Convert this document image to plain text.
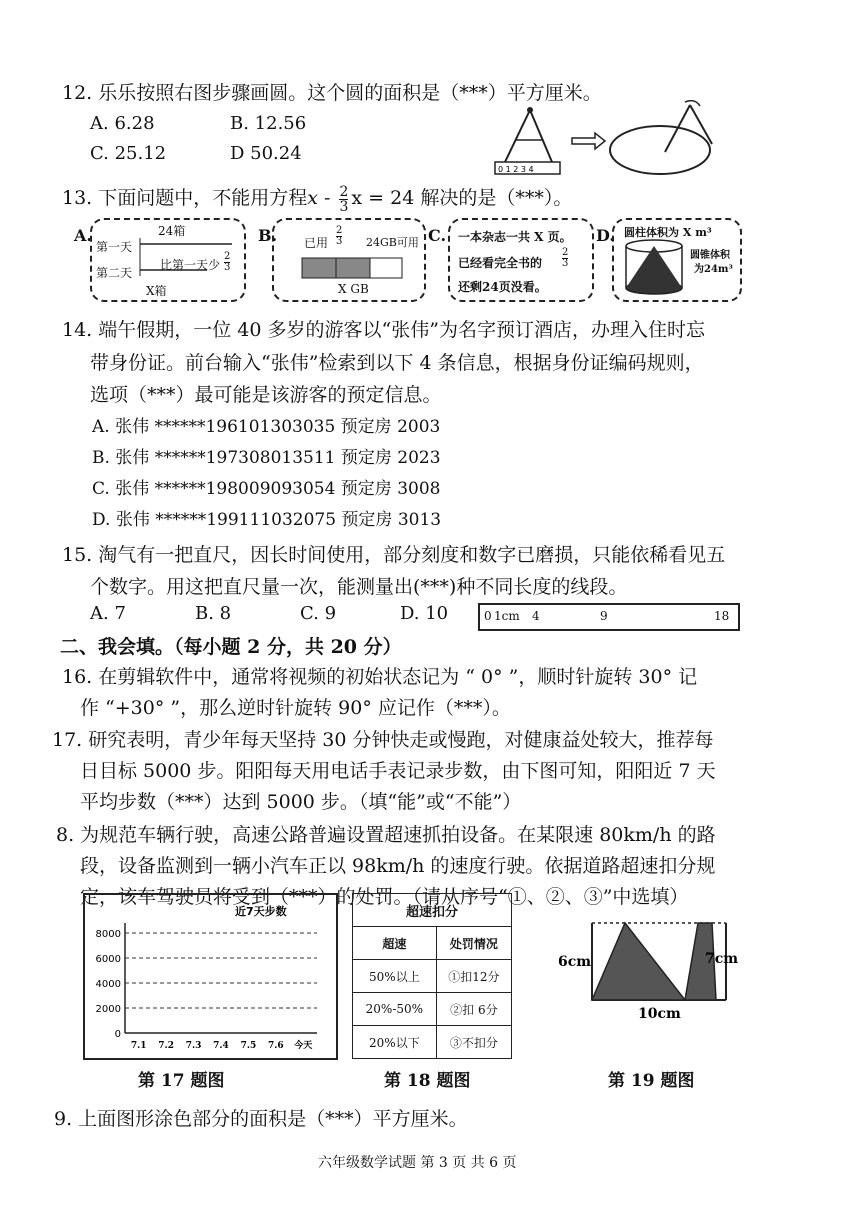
12. 乐乐按照右图步骤画圆。这个圆的面积是（***）平方厘米。
A. 6.28	B. 12.56
C. 25.12	D 50.24
0 1 2 3 4
13. 下面问题中，不能用方程x - $\frac{2}{3}$ x = 24 解决的是（***）。
A.	24箱
第一天
第二天
比第一天少
2
3
X箱
B. 已用
2
3 24GB可用
X GB
C. 一本杂志一共 X 页。
已经看完全书的
2
3
还剩24页没看。
D. 圆柱体积为 X m³
圆锥体积
为24m³
14. 端午假期，一位 40 多岁的游客以“张伟”为名字预订酒店，办理入住时忘
带身份证。前台输入“张伟”检索到以下 4 条信息，根据身份证编码规则，
选项（***）最可能是该游客的预定信息。
A. 张伟 ******196101303035 预定房 2003
B. 张伟 ******197308013511 预定房 2023
C. 张伟 ******198009093054 预定房 3008
D. 张伟 ******199111032075 预定房 3013
15. 淘气有一把直尺，因长时间使用，部分刻度和数字已磨损，只能依稀看见五
个数字。用这把直尺量一次，能测量出(***)种不同长度的线段。
A. 7	B. 8	C. 9	D. 10	0 1cm 4	9	18
二、我会填。（每小题 2 分，共 20 分）
16. 在剪辑软件中，通常将视频的初始状态记为 “ 0° ”，顺时针旋转 30° 记
作 “+30° ”，那么逆时针旋转 90° 应记作（***）。
17. 研究表明，青少年每天坚持 30 分钟快走或慢跑，对健康益处较大，推荐每
日目标 5000 步。阳阳每天用电话手表记录步数，由下图可知，阳阳近 7 天
平均步数（***）达到 5000 步。（填“能”或“不能”）
8. 为规范车辆行驶，高速公路普遍设置超速抓拍设备。在某限速 80km/h 的路
段，设备监测到一辆小汽车正以 98km/h 的速度行驶。依据道路超速扣分规
定，该车驾驶员将受到（***）的处罚。（请从序号“①、②、③”中选填）
近7天步数
0
2000
4000
6000
8000
7.1 7.2 7.3 7.4 7.5 7.6 今天
超速扣分	
超速	处罚情况
50%以上	①扣12分
20%-50%	②扣 6分
20%以下	③不扣分
6cm	7cm
10cm
第 17 题图	第 18 题图	第 19 题图
9. 上面图形涂色部分的面积是（***）平方厘米。
六年级数学试题 第 3 页 共 6 页
